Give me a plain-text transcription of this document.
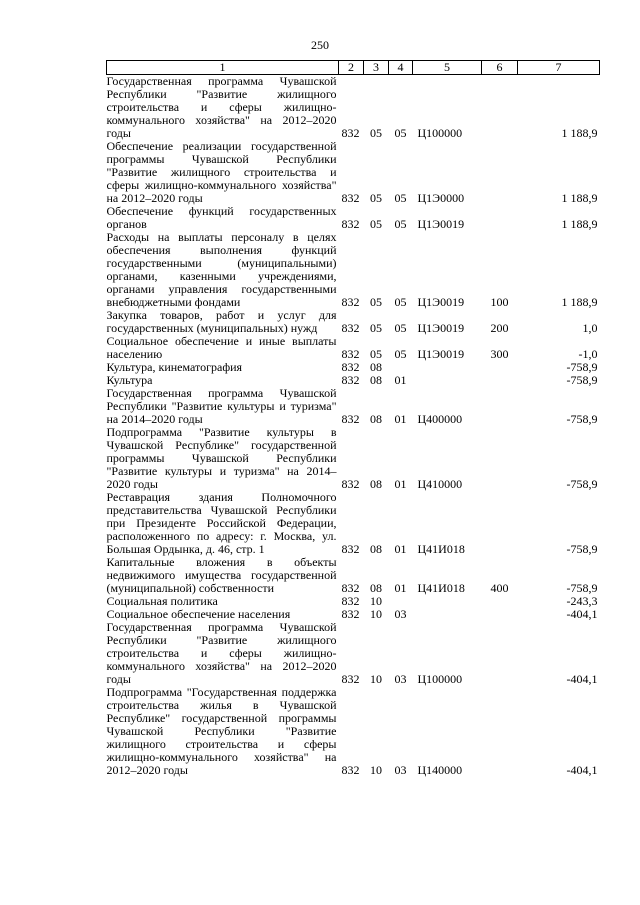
250
1	2	3	4	5	6	7
Государственная программа Чувашской Республики "Развитие жилищного строительства и сферы жилищно-коммунального хозяйства" на 2012–2020 годы	832	05	05	Ц100000		1 188,9
Обеспечение реализации государственной программы Чувашской Республики "Развитие жилищного строительства и сферы жилищно-коммунального хозяйства" на 2012–2020 годы	832	05	05	Ц1Э0000		1 188,9
Обеспечение функций государственных органов	832	05	05	Ц1Э0019		1 188,9
Расходы на выплаты персоналу в целях обеспечения выполнения функций государственными (муниципальными) органами, казенными учреждениями, органами управления государственными внебюджетными фондами	832	05	05	Ц1Э0019	100	1 188,9
Закупка товаров, работ и услуг для государственных (муниципальных) нужд	832	05	05	Ц1Э0019	200	1,0
Социальное обеспечение и иные выплаты населению	832	05	05	Ц1Э0019	300	-1,0
Культура, кинематография	832	08				-758,9
Культура	832	08	01			-758,9
Государственная программа Чувашской Республики "Развитие культуры и туризма" на 2014–2020 годы	832	08	01	Ц400000		-758,9
Подпрограмма "Развитие культуры в Чувашской Республике" государственной программы Чувашской Республики "Развитие культуры и туризма" на 2014–2020 годы	832	08	01	Ц410000		-758,9
Реставрация здания Полномочного представительства Чувашской Республики при Президенте Российской Федерации, расположенного по адресу: г. Москва, ул. Большая Ордынка, д. 46, стр. 1	832	08	01	Ц41И018		-758,9
Капитальные вложения в объекты недвижимого имущества государственной (муниципальной) собственности	832	08	01	Ц41И018	400	-758,9
Социальная политика	832	10				-243,3
Социальное обеспечение населения	832	10	03			-404,1
Государственная программа Чувашской Республики "Развитие жилищного строительства и сферы жилищно-коммунального хозяйства" на 2012–2020 годы	832	10	03	Ц100000		-404,1
Подпрограмма "Государственная поддержка строительства жилья в Чувашской Республике" государственной программы Чувашской Республики "Развитие жилищного строительства и сферы жилищно-коммунального хозяйства" на 2012–2020 годы	832	10	03	Ц140000		-404,1
